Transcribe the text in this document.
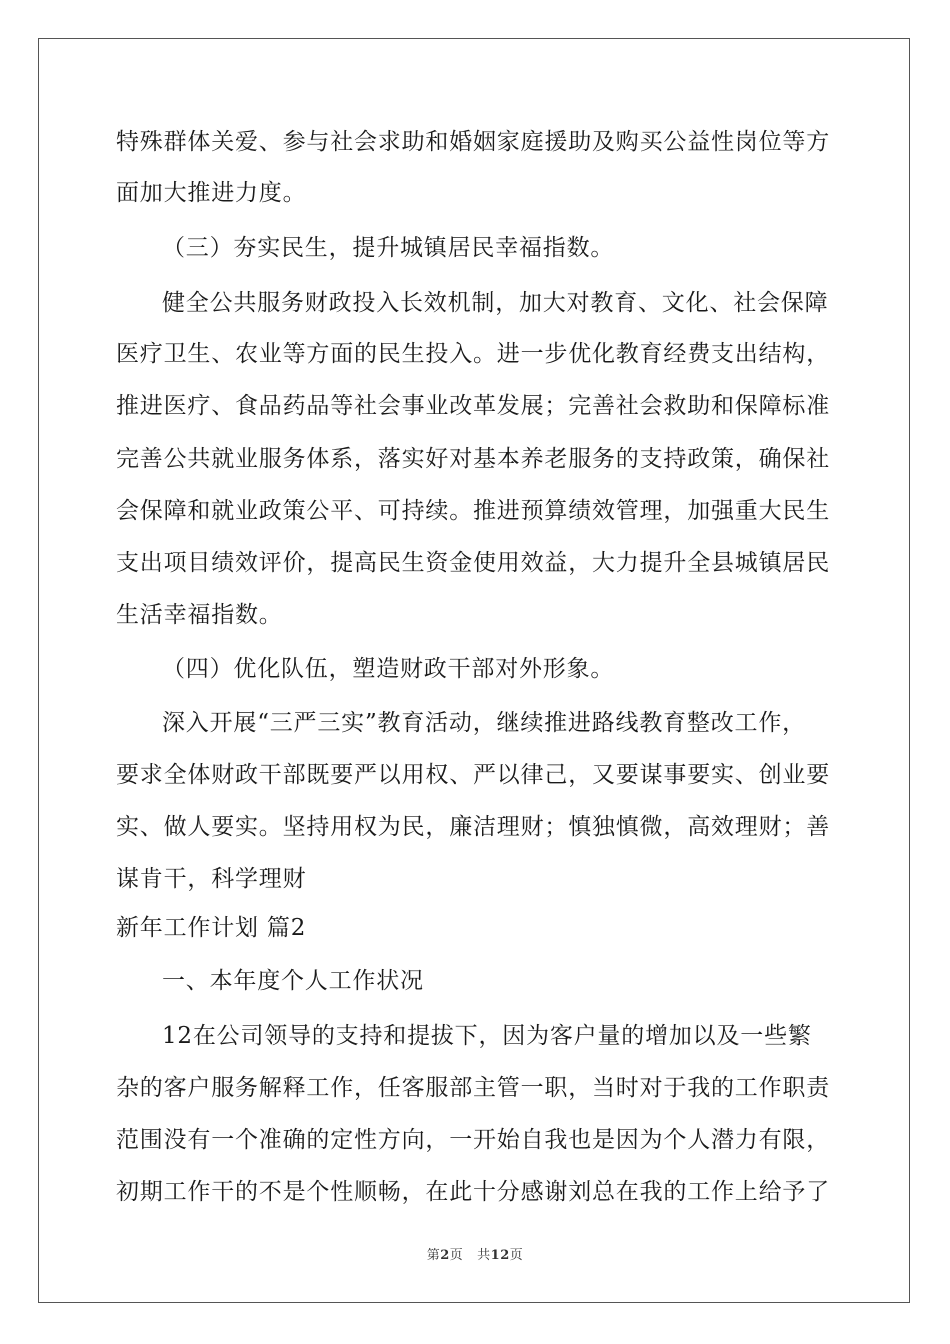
特殊群体关爱、参与社会求助和婚姻家庭援助及购买公益性岗位等方
面加大推进力度。
（三）夯实民生，提升城镇居民幸福指数。
健全公共服务财政投入长效机制，加大对教育、文化、社会保障
医疗卫生、农业等方面的民生投入。进一步优化教育经费支出结构，
推进医疗、食品药品等社会事业改革发展；完善社会救助和保障标准
完善公共就业服务体系，落实好对基本养老服务的支持政策，确保社
会保障和就业政策公平、可持续。推进预算绩效管理，加强重大民生
支出项目绩效评价，提高民生资金使用效益，大力提升全县城镇居民
生活幸福指数。
（四）优化队伍，塑造财政干部对外形象。
深入开展“三严三实”教育活动，继续推进路线教育整改工作，
要求全体财政干部既要严以用权、严以律己，又要谋事要实、创业要
实、做人要实。坚持用权为民，廉洁理财；慎独慎微，高效理财；善
谋肯干，科学理财
新年工作计划 篇2
一、本年度个人工作状况
12在公司领导的支持和提拔下，因为客户量的增加以及一些繁
杂的客户服务解释工作，任客服部主管一职，当时对于我的工作职责
范围没有一个准确的定性方向，一开始自我也是因为个人潜力有限，
初期工作干的不是个性顺畅，在此十分感谢刘总在我的工作上给予了
第2页   共12页
